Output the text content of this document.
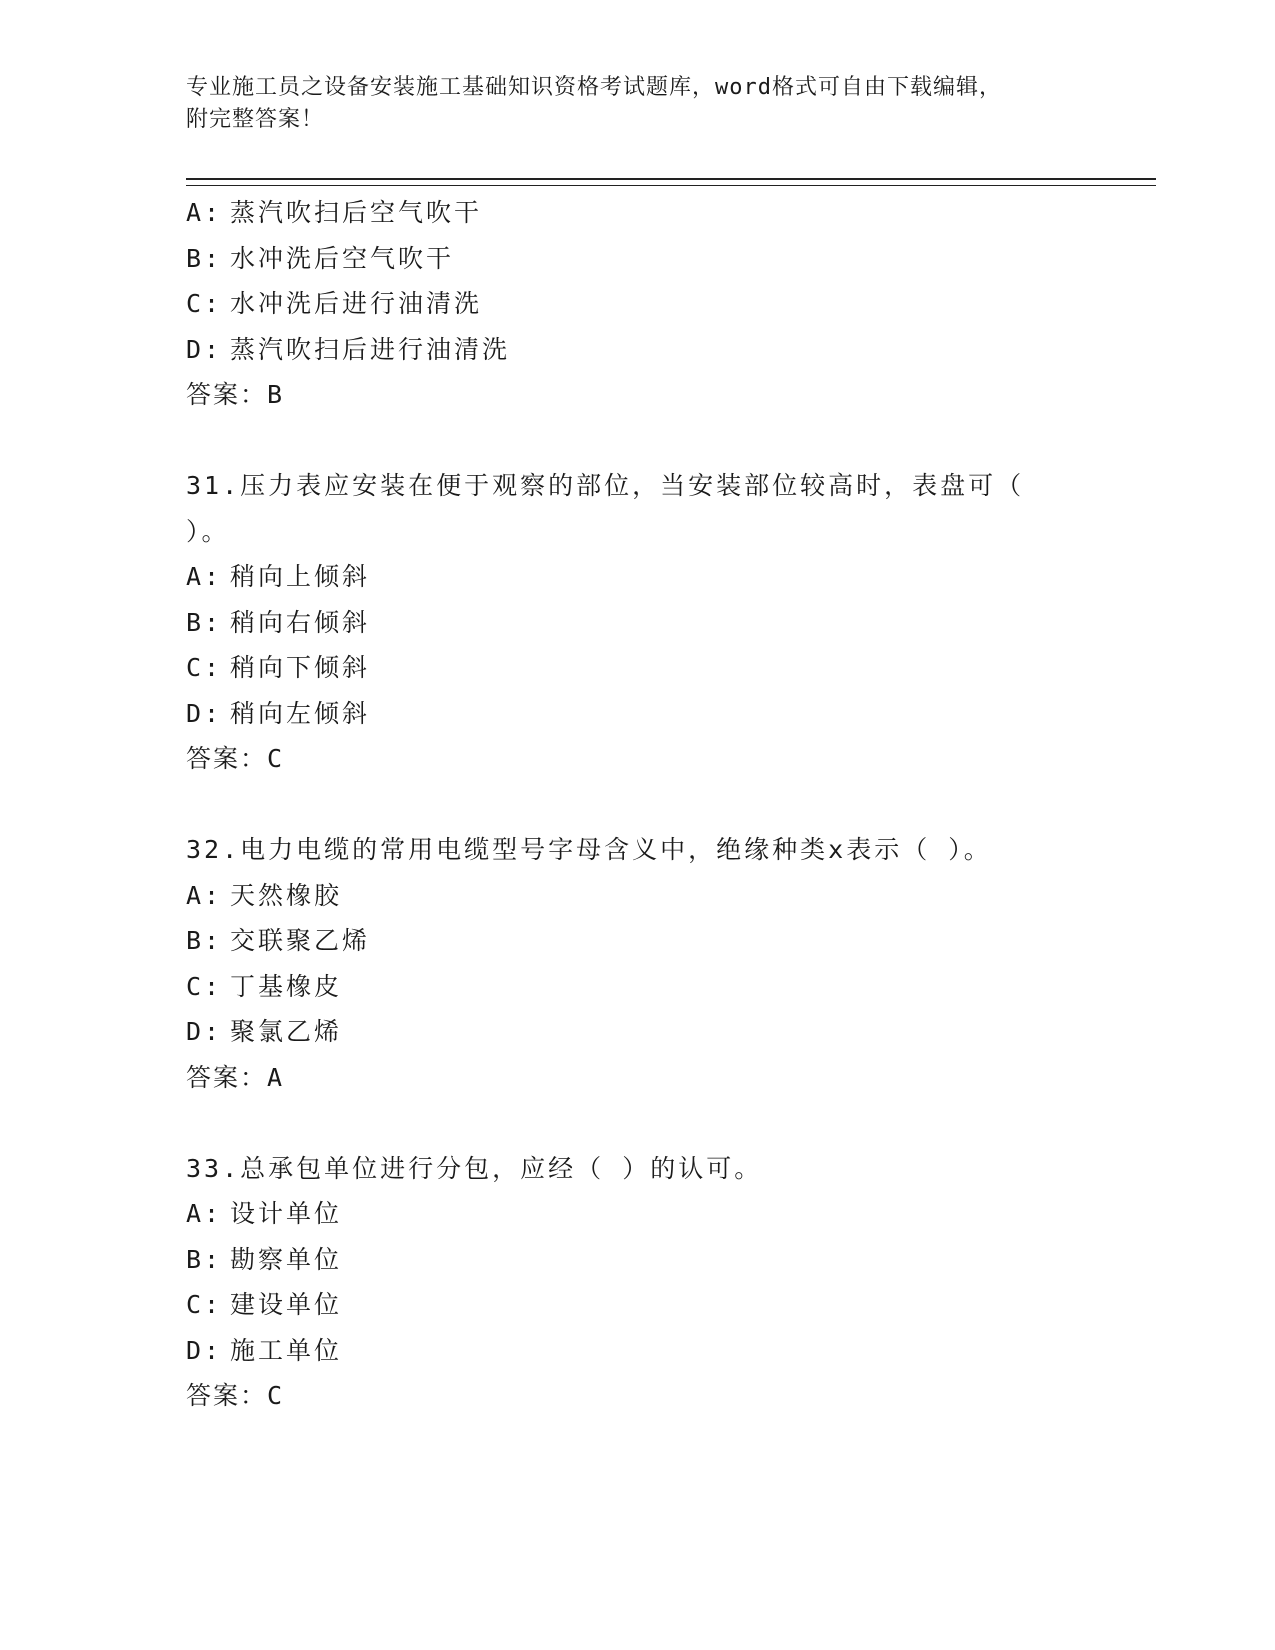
专业施工员之设备安装施工基础知识资格考试题库，word格式可自由下载编辑，
附完整答案！
A: 蒸汽吹扫后空气吹干
B: 水冲洗后空气吹干
C: 水冲洗后进行油清洗
D: 蒸汽吹扫后进行油清洗
答案：B
31.压力表应安装在便于观察的部位，当安装部位较高时，表盘可（
）。
A: 稍向上倾斜
B: 稍向右倾斜
C: 稍向下倾斜
D: 稍向左倾斜
答案：C
32.电力电缆的常用电缆型号字母含义中，绝缘种类x表示（ ）。
A: 天然橡胶
B: 交联聚乙烯
C: 丁基橡皮
D: 聚氯乙烯
答案：A
33.总承包单位进行分包，应经（ ）的认可。
A: 设计单位
B: 勘察单位
C: 建设单位
D: 施工单位
答案：C
